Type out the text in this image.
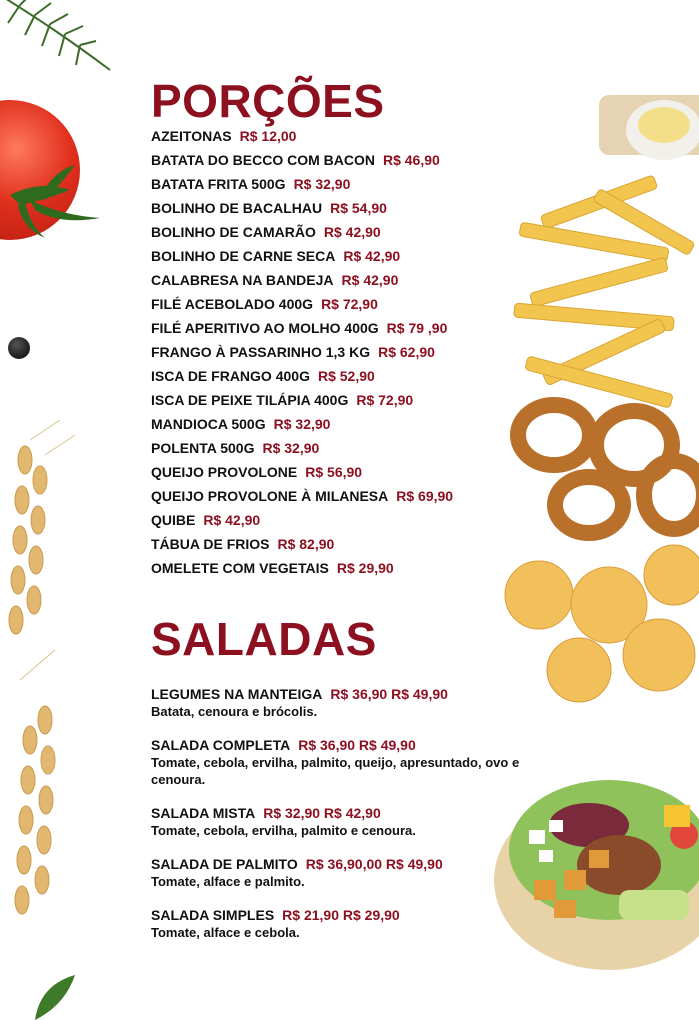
PORÇÕES
AZEITONAS R$ 12,00
BATATA DO BECCO COM BACON R$ 46,90
BATATA FRITA 500G R$ 32,90
BOLINHO DE BACALHAU R$ 54,90
BOLINHO DE CAMARÃO R$ 42,90
BOLINHO DE CARNE SECA R$ 42,90
CALABRESA NA BANDEJA R$ 42,90
FILÉ ACEBOLADO 400G R$ 72,90
FILÉ APERITIVO AO MOLHO 400G R$ 79 ,90
FRANGO À PASSARINHO 1,3 KG R$ 62,90
ISCA DE FRANGO 400G R$ 52,90
ISCA DE PEIXE TILÁPIA 400G R$ 72,90
MANDIOCA 500G R$ 32,90
POLENTA 500G R$ 32,90
QUEIJO PROVOLONE R$ 56,90
QUEIJO PROVOLONE À MILANESA R$ 69,90
QUIBE R$ 42,90
TÁBUA DE FRIOS R$ 82,90
OMELETE COM VEGETAIS R$ 29,90
SALADAS
LEGUMES NA MANTEIGA R$ 36,90 R$ 49,90
Batata, cenoura e brócolis.
SALADA COMPLETA R$ 36,90 R$ 49,90
Tomate, cebola, ervilha, palmito, queijo, apresuntado, ovo e cenoura.
SALADA MISTA R$ 32,90 R$ 42,90
Tomate, cebola, ervilha, palmito e cenoura.
SALADA DE PALMITO R$ 36,90,00 R$ 49,90
Tomate, alface e palmito.
SALADA SIMPLES R$ 21,90 R$ 29,90
Tomate, alface e cebola.
